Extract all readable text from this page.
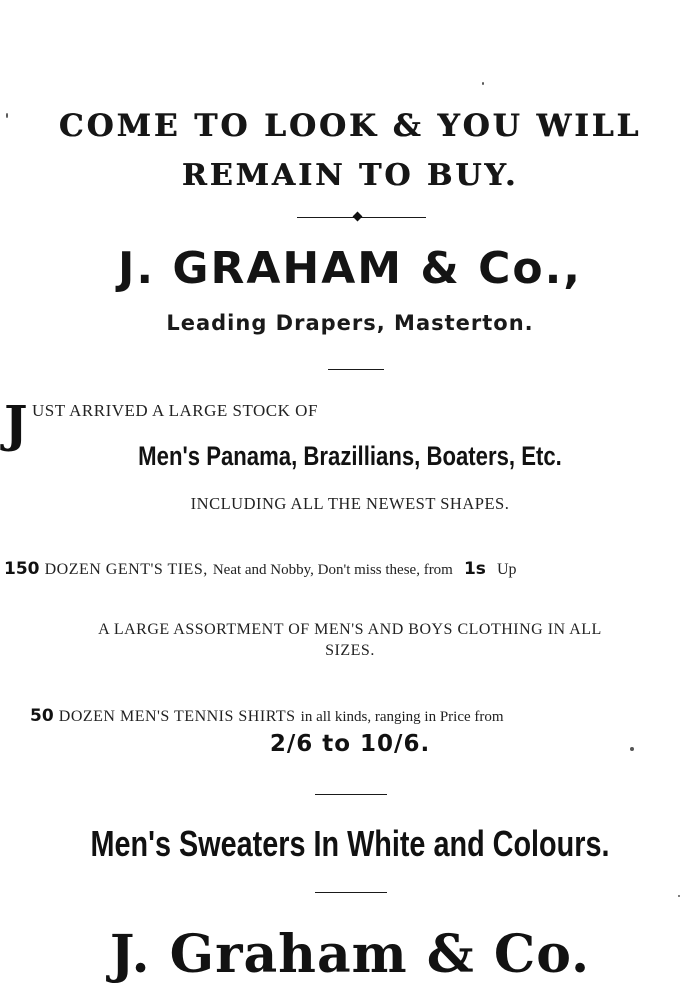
COME TO LOOK & YOU WILL
REMAIN TO BUY.
J. GRAHAM & Co.,
Leading Drapers, Masterton.
J UST ARRIVED A LARGE STOCK OF
Men's Panama, Brazillians, Boaters, Etc.
INCLUDING ALL THE NEWEST SHAPES.
150 DOZEN GENT'S TIES, Neat and Nobby, Don't miss these, from 1s Up
A LARGE ASSORTMENT OF MEN'S AND BOYS CLOTHING IN ALL
SIZES.
50 DOZEN MEN'S TENNIS SHIRTS in all kinds, ranging in Price from
2/6 to 10/6.
Men's Sweaters In White and Colours.
J. Graham & Co.
